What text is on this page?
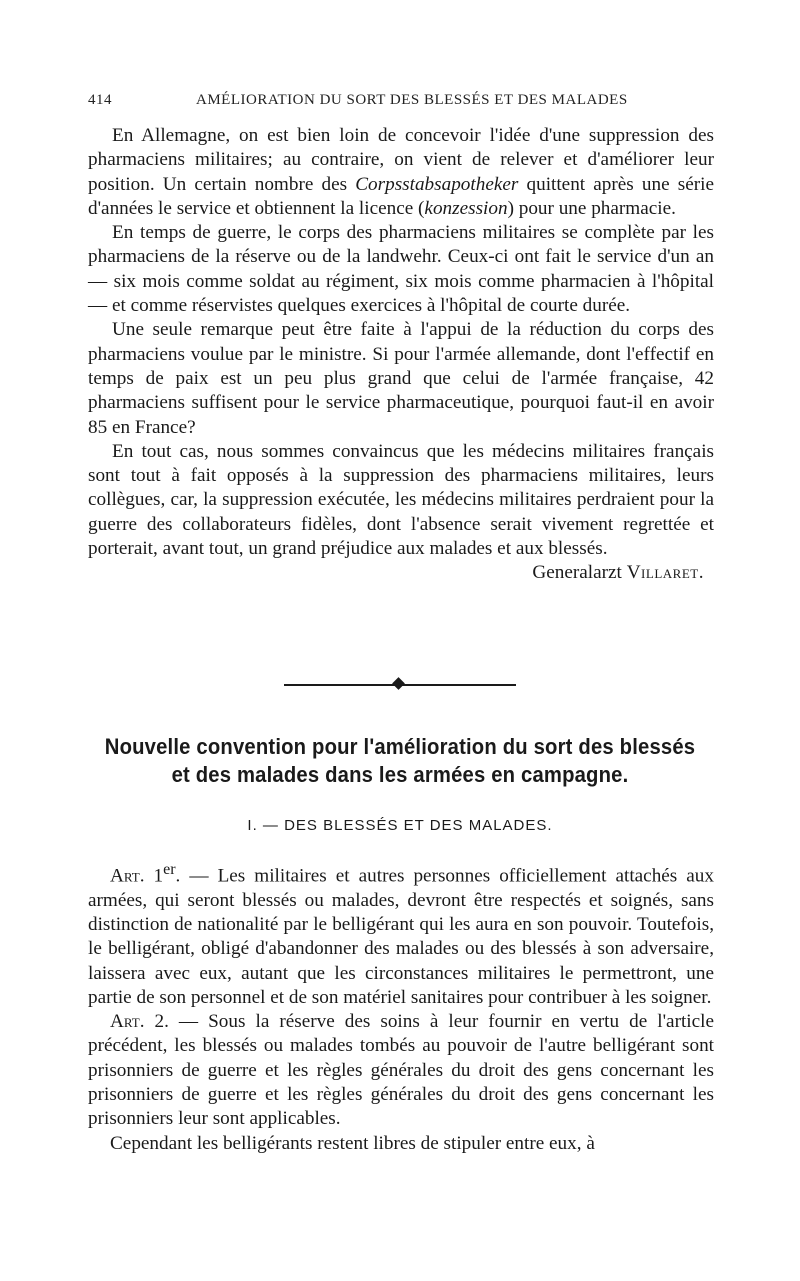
414	AMÉLIORATION DU SORT DES BLESSÉS ET DES MALADES

En Allemagne, on est bien loin de concevoir l'idée d'une suppression des pharmaciens militaires; au contraire, on vient de relever et d'améliorer leur position. Un certain nombre des Corpsstabsapotheker quittent après une série d'années le service et obtiennent la licence (konzession) pour une pharmacie.

En temps de guerre, le corps des pharmaciens militaires se complète par les pharmaciens de la réserve ou de la landwehr. Ceux-ci ont fait le service d'un an — six mois comme soldat au régiment, six mois comme pharmacien à l'hôpital — et comme réservistes quelques exercices à l'hôpital de courte durée.

Une seule remarque peut être faite à l'appui de la réduction du corps des pharmaciens voulue par le ministre. Si pour l'armée allemande, dont l'effectif en temps de paix est un peu plus grand que celui de l'armée française, 42 pharmaciens suffisent pour le service pharmaceutique, pourquoi faut-il en avoir 85 en France?

En tout cas, nous sommes convaincus que les médecins militaires français sont tout à fait opposés à la suppression des pharmaciens militaires, leurs collègues, car, la suppression exécutée, les médecins militaires perdraient pour la guerre des collaborateurs fidèles, dont l'absence serait vivement regrettée et porterait, avant tout, un grand préjudice aux malades et aux blessés.

Generalarzt Villaret.
Nouvelle convention pour l'amélioration du sort des blessés
et des malades dans les armées en campagne.
I. — DES BLESSÉS ET DES MALADES.

Art. 1er. — Les militaires et autres personnes officiellement attachés aux armées, qui seront blessés ou malades, devront être respectés et soignés, sans distinction de nationalité par le belligérant qui les aura en son pouvoir. Toutefois, le belligérant, obligé d'abandonner des malades ou des blessés à son adversaire, laissera avec eux, autant que les circonstances militaires le permettront, une partie de son personnel et de son matériel sanitaires pour contribuer à les soigner.

Art. 2. — Sous la réserve des soins à leur fournir en vertu de l'article précédent, les blessés ou malades tombés au pouvoir de l'autre belligérant sont prisonniers de guerre et les règles générales du droit des gens concernant les prisonniers de guerre et les règles générales du droit des gens concernant les prisonniers leur sont applicables.

Cependant les belligérants restent libres de stipuler entre eux, à
